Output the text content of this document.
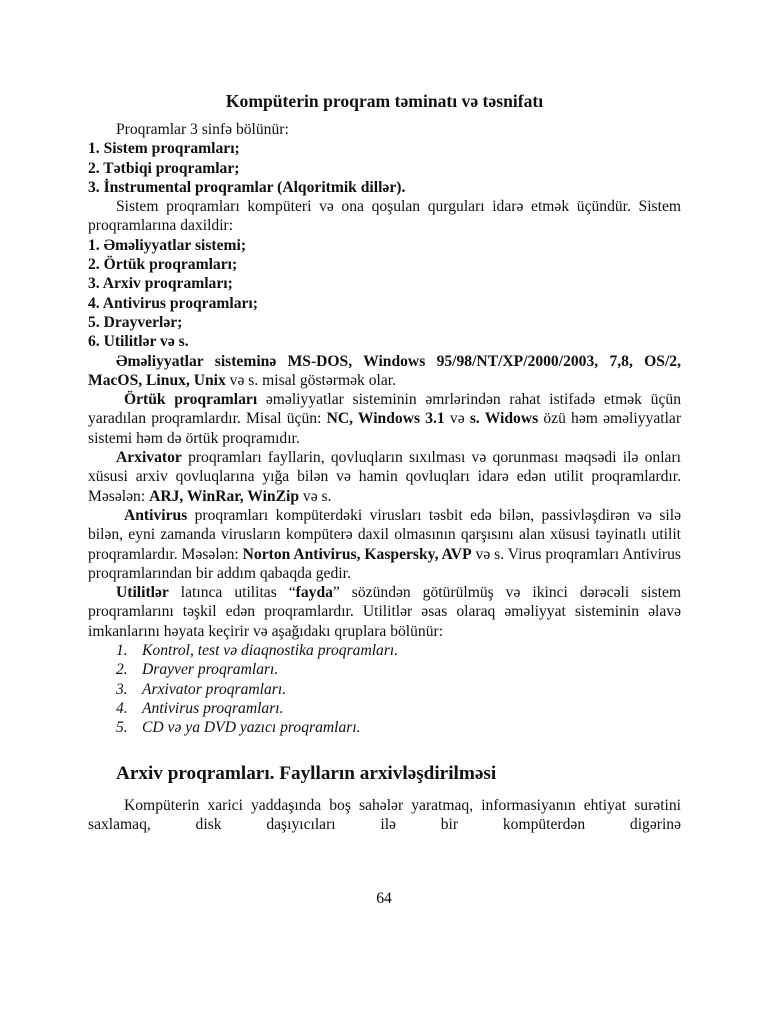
Kompüterin proqram təminatı və təsnifatı
Proqramlar 3 sinfə bölünür:
1. Sistem proqramları;
2. Tətbiqi proqramlar;
3. İnstrumental proqramlar (Alqoritmik dillər).

Sistem proqramları kompüteri və ona qoşulan qurguları idarə etmək üçündür. Sistem proqramlarına daxildir:

1. Əməliyyatlar sistemi;
2. Örtük proqramları;
3. Arxiv proqramları;
4. Antivirus proqramları;
5. Drayverlər;
6. Utilitlər və s.

Əməliyyatlar sisteminə MS-DOS, Windows 95/98/NT/XP/2000/2003, 7,8, OS/2, MacOS, Linux, Unix və s. misal göstərmək olar.

Örtük proqramları əməliyyatlar sisteminin əmrlərindən rahat istifadə etmək üçün yaradılan proqramlardır. Misal üçün: NC, Windows 3.1 və s. Widows özü həm əməliyyatlar sistemi həm də örtük proqramıdır.

Arxivator proqramları fayllarin, qovluqların sıxılması və qorunması məqsədi ilə onları xüsusi arxiv qovluqlarına yığa bilən və hamin qovluqları idarə edən utilit proqramlardır. Məsələn: ARJ, WinRar, WinZip və s.

Antivirus proqramları kompüterdəki virusları təsbit edə bilən, passivləşdirən və silə bilən, eyni zamanda virusların kompüterə daxil olmasının qarşısını alan xüsusi təyinatlı utilit proqramlardır. Məsələn: Norton Antivirus, Kaspersky, AVP və s. Virus proqramları Antivirus proqramlarından bir addım qabaqda gedir.

Utilitlər latınca utilitas “fayda” sözündən götürülmüş və ikinci dərəcəli sistem proqramlarını təşkil edən proqramlardır. Utilitlər əsas olaraq əməliyyat sisteminin əlavə imkanlarını həyata keçirir və aşağıdakı qruplara bölünür:

1. Kontrol, test və diaqnostika proqramları.
2. Drayver proqramları.
3. Arxivator proqramları.
4. Antivirus proqramları.
5. CD və ya DVD yazıcı proqramları.
Arxiv proqramları. Faylların arxivləşdirilməsi

Kompüterin xarici yaddaşında boş sahələr yaratmaq, informasiyanın ehtiyat surətini saxlamaq, disk daşıyıcıları ilə bir kompüterdən digərinə

64
